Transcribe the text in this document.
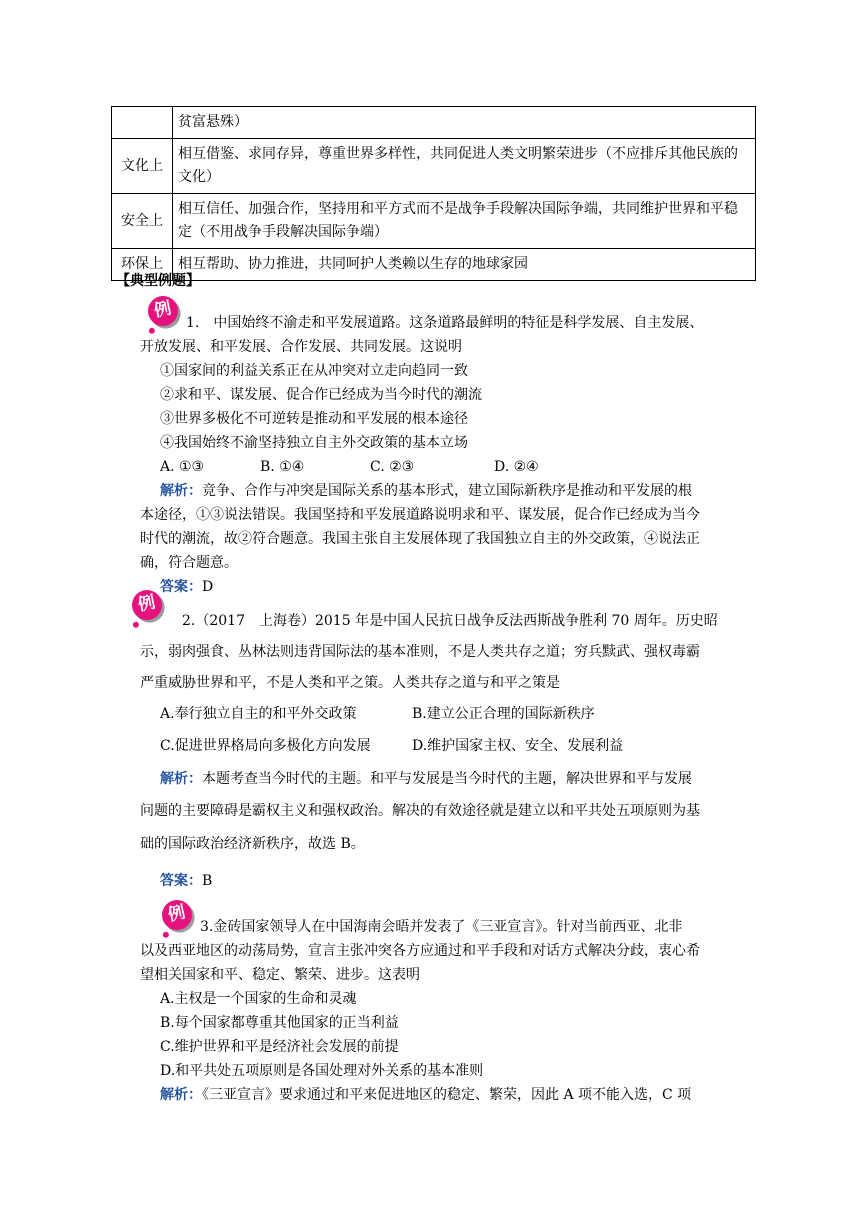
	贫富悬殊）
文化上	相互借鉴、求同存异，尊重世界多样性，共同促进人类文明繁荣进步（不应排斥其他民族的文化）
安全上	相互信任、加强合作，坚持用和平方式而不是战争手段解决国际争端，共同维护世界和平稳定（不用战争手段解决国际争端）
环保上	相互帮助、协力推进，共同呵护人类赖以生存的地球家园
【典型例题】
例
1.　中国始终不渝走和平发展道路。这条道路最鲜明的特征是科学发展、自主发展、
开放发展、和平发展、合作发展、共同发展。这说明
①国家间的利益关系正在从冲突对立走向趋同一致
②求和平、谋发展、促合作已经成为当今时代的潮流
③世界多极化不可逆转是推动和平发展的根本途径
④我国始终不渝坚持独立自主外交政策的基本立场
A. ①③	B. ①④	C. ②③	D. ②④
解析：竞争、合作与冲突是国际关系的基本形式，建立国际新秩序是推动和平发展的根
本途径，①③说法错误。我国坚持和平发展道路说明求和平、谋发展，促合作已经成为当今
时代的潮流，故②符合题意。我国主张自主发展体现了我国独立自主的外交政策，④说法正
确，符合题意。
答案：D
例
2.（2017　上海卷）2015 年是中国人民抗日战争反法西斯战争胜利 70 周年。历史昭
示，弱肉强食、丛林法则违背国际法的基本准则，不是人类共存之道；穷兵黩武、强权毒霸
严重威胁世界和平，不是人类和平之策。人类共存之道与和平之策是
A.奉行独立自主的和平外交政策	B.建立公正合理的国际新秩序
C.促进世界格局向多极化方向发展	D.维护国家主权、安全、发展利益
解析：本题考查当今时代的主题。和平与发展是当今时代的主题，解决世界和平与发展
问题的主要障碍是霸权主义和强权政治。解决的有效途径就是建立以和平共处五项原则为基
础的国际政治经济新秩序，故选 B。
答案：B
例
3.金砖国家领导人在中国海南会晤并发表了《三亚宣言》。针对当前西亚、北非
以及西亚地区的动荡局势，宣言主张冲突各方应通过和平手段和对话方式解决分歧，衷心希
望相关国家和平、稳定、繁荣、进步。这表明
A.主权是一个国家的生命和灵魂
B.每个国家都尊重其他国家的正当利益
C.维护世界和平是经济社会发展的前提
D.和平共处五项原则是各国处理对外关系的基本准则
解析：《三亚宣言》要求通过和平来促进地区的稳定、繁荣，因此 A 项不能入选，C 项
